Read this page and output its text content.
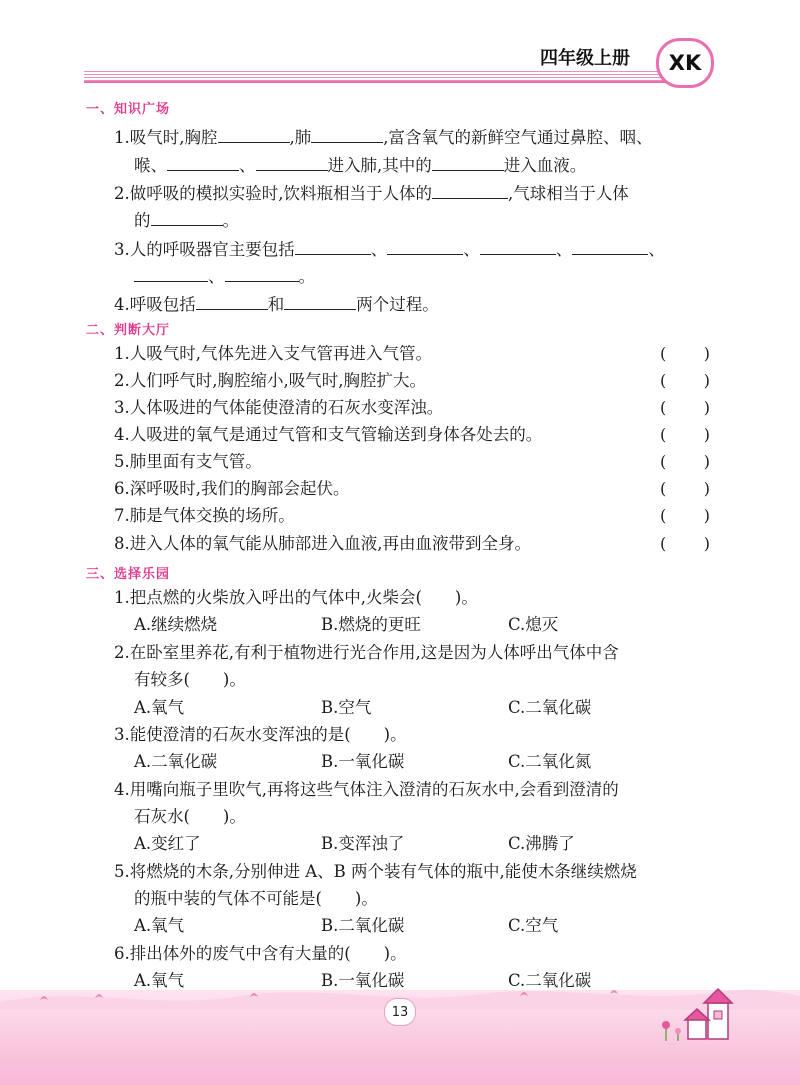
四年级上册	XK
一、知识广场
1.吸气时,胸腔	,肺	,富含氧气的新鲜空气通过鼻腔、咽、
喉、	、	进入肺,其中的	进入血液。
2.做呼吸的模拟实验时,饮料瓶相当于人体的	,气球相当于人体
的	。
3.人的呼吸器官主要包括	、	、	、	、
、	。
4.呼吸包括	和	两个过程。
二、判断大厅
1.人吸气时,气体先进入支气管再进入气管。	( )
2.人们呼气时,胸腔缩小,吸气时,胸腔扩大。	( )
3.人体吸进的气体能使澄清的石灰水变浑浊。	( )
4.人吸进的氧气是通过气管和支气管输送到身体各处去的。	( )
5.肺里面有支气管。	( )
6.深呼吸时,我们的胸部会起伏。	( )
7.肺是气体交换的场所。	( )
8.进入人体的氧气能从肺部进入血液,再由血液带到全身。	( )
三、选择乐园
1.把点燃的火柴放入呼出的气体中,火柴会(　　)。
A.继续燃烧	B.燃烧的更旺	C.熄灭
2.在卧室里养花,有利于植物进行光合作用,这是因为人体呼出气体中含
有较多(　　)。
A.氧气	B.空气	C.二氧化碳
3.能使澄清的石灰水变浑浊的是(　　)。
A.二氧化碳	B.一氧化碳	C.二氧化氮
4.用嘴向瓶子里吹气,再将这些气体注入澄清的石灰水中,会看到澄清的
石灰水(　　)。
A.变红了	B.变浑浊了	C.沸腾了
5.将燃烧的木条,分别伸进 A、B 两个装有气体的瓶中,能使木条继续燃烧
的瓶中装的气体不可能是(　　)。
A.氧气	B.二氧化碳	C.空气
6.排出体外的废气中含有大量的(　　)。
A.氧气	B.一氧化碳	C.二氧化碳
13
